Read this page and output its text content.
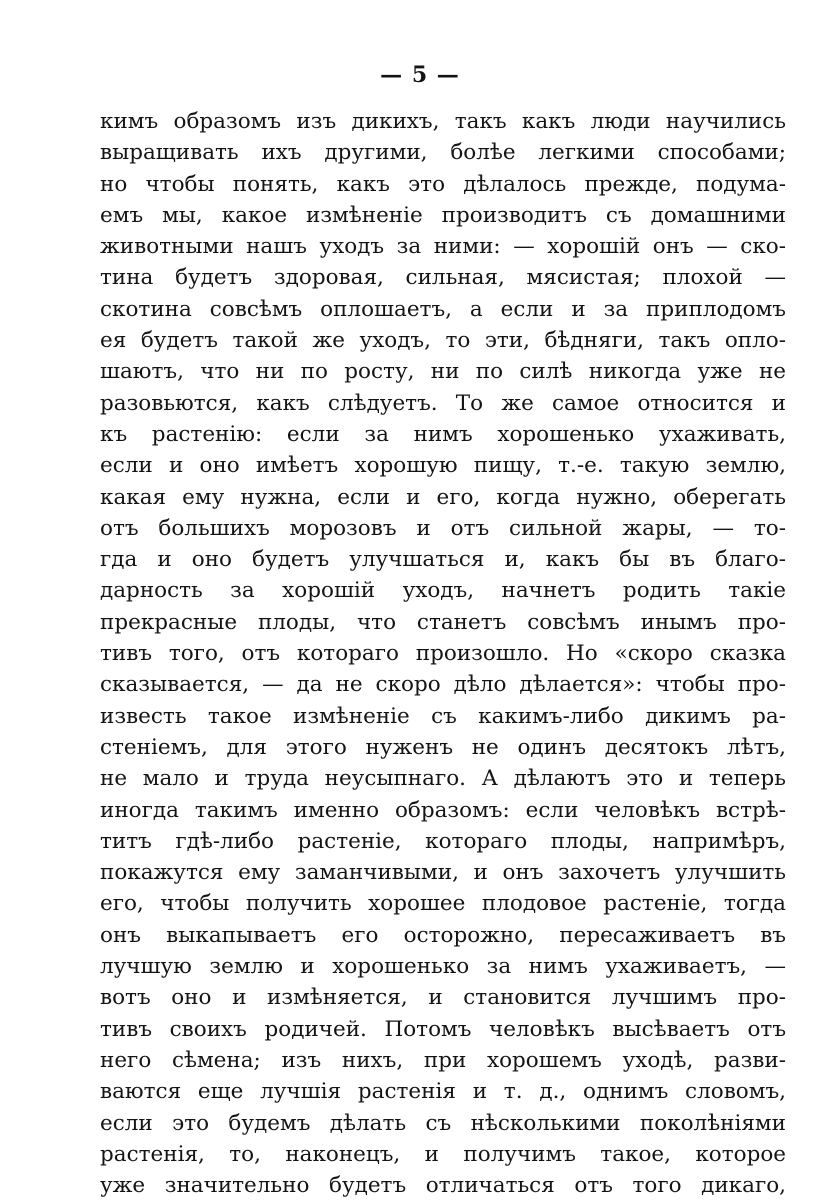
— 5 —
кимъ образомъ изъ дикихъ, такъ какъ люди научились
выращивать ихъ другими, болѣе легкими способами;
но чтобы понять, какъ это дѣлалось прежде, подума-
емъ мы, какое измѣненіе производитъ съ домашними
животными нашъ уходъ за ними: — хорошій онъ — ско-
тина будетъ здоровая, сильная, мясистая; плохой —
скотина совсѣмъ оплошаетъ, а если и за приплодомъ
ея будетъ такой же уходъ, то эти, бѣдняги, такъ опло-
шаютъ, что ни по росту, ни по силѣ никогда уже не
разовьются, какъ слѣдуетъ. То же самое относится и
къ растенію: если за нимъ хорошенько ухаживать,
если и оно имѣетъ хорошую пищу, т.-е. такую землю,
какая ему нужна, если и его, когда нужно, оберегать
отъ большихъ морозовъ и отъ сильной жары, — то-
гда и оно будетъ улучшаться и, какъ бы въ благо-
дарность за хорошій уходъ, начнетъ родить такіе
прекрасные плоды, что станетъ совсѣмъ инымъ про-
тивъ того, отъ котораго произошло. Но «скоро сказка
сказывается, — да не скоро дѣло дѣлается»: чтобы про-
известь такое измѣненіе съ какимъ-либо дикимъ ра-
стеніемъ, для этого нуженъ не одинъ десятокъ лѣтъ,
не мало и труда неусыпнаго. А дѣлаютъ это и теперь
иногда такимъ именно образомъ: если человѣкъ встрѣ-
титъ гдѣ-либо растеніе, котораго плоды, напримѣръ,
покажутся ему заманчивыми, и онъ захочетъ улучшить
его, чтобы получить хорошее плодовое растеніе, тогда
онъ выкапываетъ его осторожно, пересаживаетъ въ
лучшую землю и хорошенько за нимъ ухаживаетъ, —
вотъ оно и измѣняется, и становится лучшимъ про-
тивъ своихъ родичей. Потомъ человѣкъ высѣваетъ отъ
него сѣмена; изъ нихъ, при хорошемъ уходѣ, разви-
ваются еще лучшія растенія и т. д., однимъ словомъ,
если это будемъ дѣлать съ нѣсколькими поколѣніями
растенія, то, наконецъ, и получимъ такое, которое
уже значительно будетъ отличаться отъ того дикаго,
